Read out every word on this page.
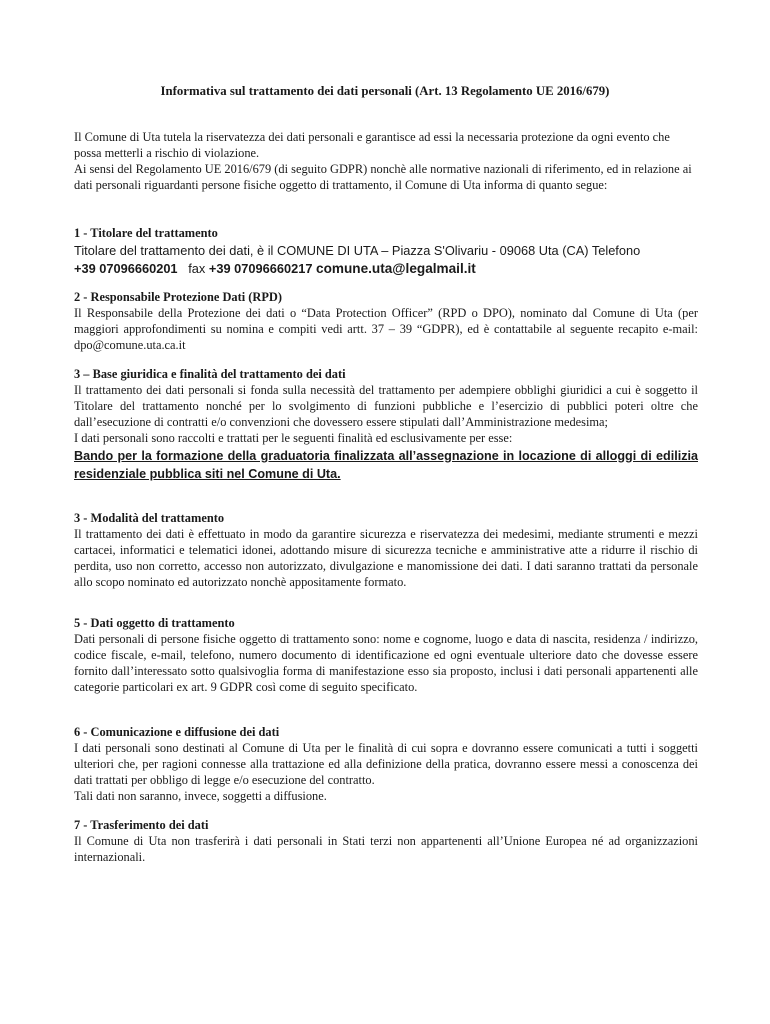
Informativa sul trattamento dei dati personali (Art. 13 Regolamento UE 2016/679)

Il Comune di Uta tutela la riservatezza dei dati personali e garantisce ad essi la necessaria protezione da ogni evento che possa metterli a rischio di violazione.

Ai sensi del Regolamento UE 2016/679 (di seguito GDPR) nonchè alle normative nazionali di riferimento, ed in relazione ai dati personali riguardanti persone fisiche oggetto di trattamento, il Comune di Uta informa di quanto segue:

1 - Titolare del trattamento

Titolare del trattamento dei dati, è il COMUNE DI UTA – Piazza S'Olivariu - 09068 Uta (CA) Telefono

+39 07096660201 fax +39 07096660217 comune.uta@legalmail.it

2 - Responsabile Protezione Dati (RPD)

Il Responsabile della Protezione dei dati o “Data Protection Officer” (RPD o DPO), nominato dal Comune di Uta (per maggiori approfondimenti su nomina e compiti vedi artt. 37 – 39 “GDPR), ed è contattabile al seguente recapito e-mail: dpo@comune.uta.ca.it

3 – Base giuridica e finalità del trattamento dei dati

Il trattamento dei dati personali si fonda sulla necessità del trattamento per adempiere obblighi giuridici a cui è soggetto il Titolare del trattamento nonché per lo svolgimento di funzioni pubbliche e l’esercizio di pubblici poteri oltre che dall’esecuzione di contratti e/o convenzioni che dovessero essere stipulati dall’Amministrazione medesima;

I dati personali sono raccolti e trattati per le seguenti finalità ed esclusivamente per esse:

Bando per la formazione della graduatoria finalizzata all’assegnazione in locazione di alloggi di edilizia residenziale pubblica siti nel Comune di Uta.

3 - Modalità del trattamento

Il trattamento dei dati è effettuato in modo da garantire sicurezza e riservatezza dei medesimi, mediante strumenti e mezzi cartacei, informatici e telematici idonei, adottando misure di sicurezza tecniche e amministrative atte a ridurre il rischio di perdita, uso non corretto, accesso non autorizzato, divulgazione e manomissione dei dati. I dati saranno trattati da personale allo scopo nominato ed autorizzato nonchè appositamente formato.

5 - Dati oggetto di trattamento

Dati personali di persone fisiche oggetto di trattamento sono: nome e cognome, luogo e data di nascita, residenza / indirizzo, codice fiscale, e-mail, telefono, numero documento di identificazione ed ogni eventuale ulteriore dato che dovesse essere fornito dall’interessato sotto qualsivoglia forma di manifestazione esso sia proposto, inclusi i dati personali appartenenti alle categorie particolari ex art. 9 GDPR così come di seguito specificato.

6 - Comunicazione e diffusione dei dati

I dati personali sono destinati al Comune di Uta per le finalità di cui sopra e dovranno essere comunicati a tutti i soggetti ulteriori che, per ragioni connesse alla trattazione ed alla definizione della pratica, dovranno essere messi a conoscenza dei dati trattati per obbligo di legge e/o esecuzione del contratto.

Tali dati non saranno, invece, soggetti a diffusione.

7 - Trasferimento dei dati

Il Comune di Uta non trasferirà i dati personali in Stati terzi non appartenenti all’Unione Europea né ad organizzazioni internazionali.
